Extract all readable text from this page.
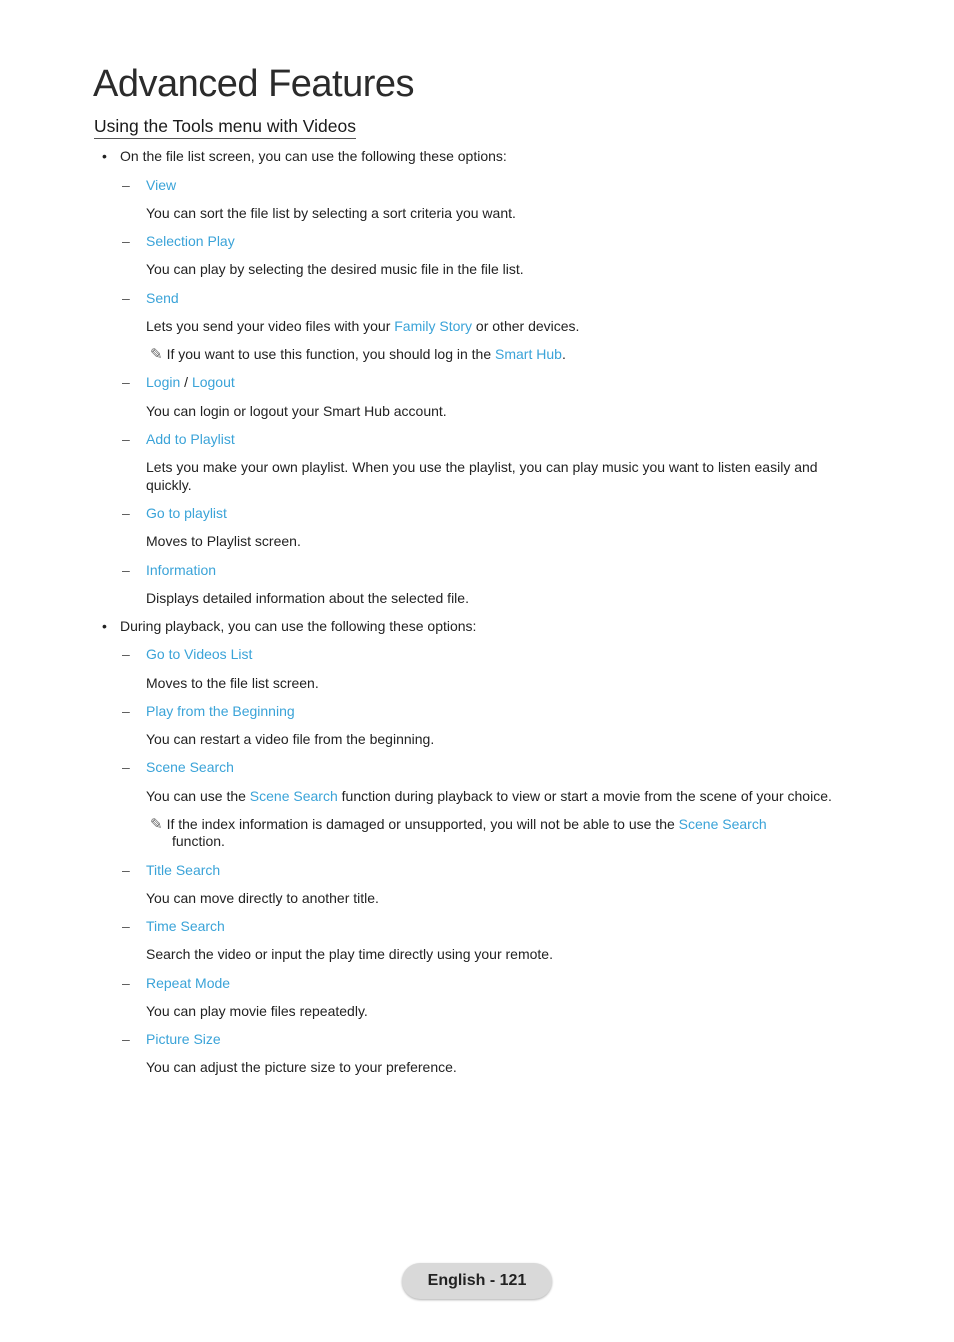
Advanced Features
Using the Tools menu with Videos
• On the file list screen, you can use the following these options:
– View
You can sort the file list by selecting a sort criteria you want.
– Selection Play
You can play by selecting the desired music file in the file list.
– Send
Lets you send your video files with your Family Story or other devices.
✎ If you want to use this function, you should log in the Smart Hub.
– Login / Logout
You can login or logout your Smart Hub account.
– Add to Playlist
Lets you make your own playlist. When you use the playlist, you can play music you want to listen easily and quickly.
– Go to playlist
Moves to Playlist screen.
– Information
Displays detailed information about the selected file.
• During playback, you can use the following these options:
– Go to Videos List
Moves to the file list screen.
– Play from the Beginning
You can restart a video file from the beginning.
– Scene Search
You can use the Scene Search function during playback to view or start a movie from the scene of your choice.
✎ If the index information is damaged or unsupported, you will not be able to use the Scene Search
function.
– Title Search
You can move directly to another title.
– Time Search
Search the video or input the play time directly using your remote.
– Repeat Mode
You can play movie files repeatedly.
– Picture Size
You can adjust the picture size to your preference.
English - 121
